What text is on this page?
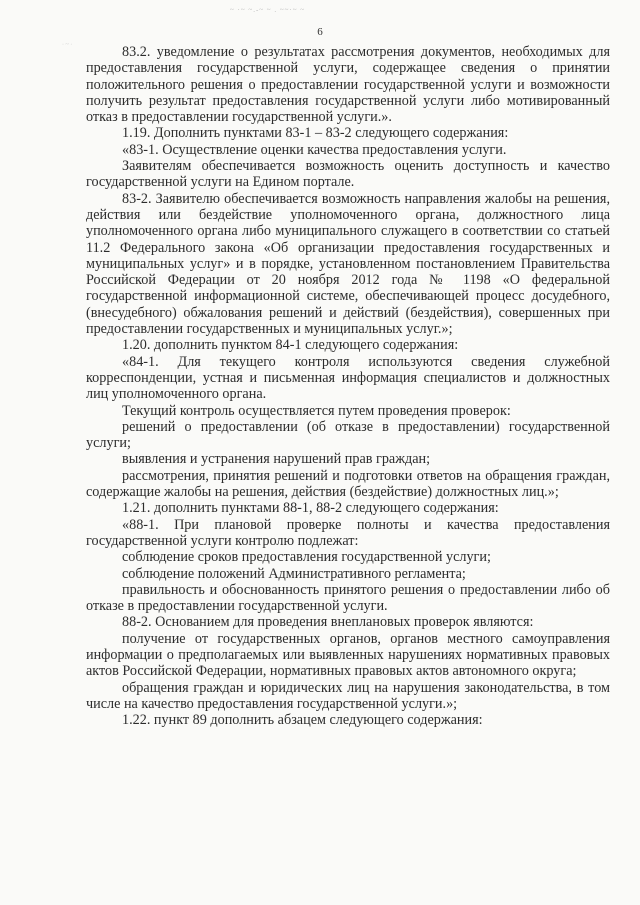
~ ·~ ~.-~ ~ . ~~·~ ~
· ~ ·
6

83.2. уведомление о результатах рассмотрения документов, необходимых для предоставления государственной услуги, содержащее сведения о принятии положительного решения о предоставлении государственной услуги и возможности получить результат предоставления государственной услуги либо мотивированный отказ в предоставлении государственной услуги.».

1.19. Дополнить пунктами 83-1 – 83-2 следующего содержания:

«83-1. Осуществление оценки качества предоставления услуги.

Заявителям обеспечивается возможность оценить доступность и качество государственной услуги на Едином портале.

83-2. Заявителю обеспечивается возможность направления жалобы на решения, действия или бездействие уполномоченного органа, должностного лица уполномоченного органа либо муниципального служащего в соответствии со статьей 11.2 Федерального закона «Об организации предоставления государственных и муниципальных услуг» и в порядке, установленном постановлением Правительства Российской Федерации от 20 ноября 2012 года № 1198 «О федеральной государственной информационной системе, обеспечивающей процесс досудебного, (внесудебного) обжалования решений и действий (бездействия), совершенных при предоставлении государственных и муниципальных услуг.»;

1.20. дополнить пунктом 84-1 следующего содержания:

«84-1. Для текущего контроля используются сведения служебной корреспонденции, устная и письменная информация специалистов и должностных лиц уполномоченного органа.

Текущий контроль осуществляется путем проведения проверок:

решений о предоставлении (об отказе в предоставлении) государственной услуги;

выявления и устранения нарушений прав граждан;

рассмотрения, принятия решений и подготовки ответов на обращения граждан, содержащие жалобы на решения, действия (бездействие) должностных лиц.»;

1.21. дополнить пунктами 88-1, 88-2 следующего содержания:

«88-1. При плановой проверке полноты и качества предоставления государственной услуги контролю подлежат:

соблюдение сроков предоставления государственной услуги;

соблюдение положений Административного регламента;

правильность и обоснованность принятого решения о предоставлении либо об отказе в предоставлении государственной услуги.

88-2. Основанием для проведения внеплановых проверок являются:

получение от государственных органов, органов местного самоуправления информации о предполагаемых или выявленных нарушениях нормативных правовых актов Российской Федерации, нормативных правовых актов автономного округа;

обращения граждан и юридических лиц на нарушения законодательства, в том числе на качество предоставления государственной услуги.»;

1.22. пункт 89 дополнить абзацем следующего содержания:
